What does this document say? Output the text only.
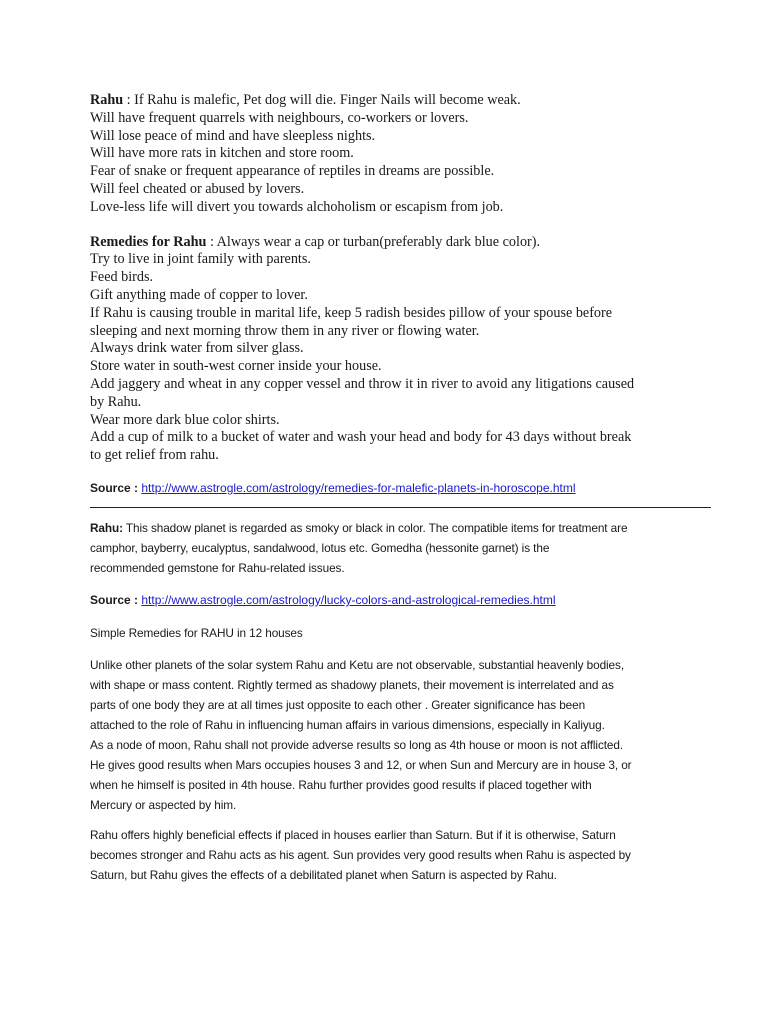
Rahu : If Rahu is malefic, Pet dog will die. Finger Nails will become weak.
Will have frequent quarrels with neighbours, co-workers or lovers.
Will lose peace of mind and have sleepless nights.
Will have more rats in kitchen and store room.
Fear of snake or frequent appearance of reptiles in dreams are possible.
Will feel cheated or abused by lovers.
Love-less life will divert you towards alchoholism or escapism from job.
Remedies for Rahu : Always wear a cap or turban(preferably dark blue color).
Try to live in joint family with parents.
Feed birds.
Gift anything made of copper to lover.
If Rahu is causing trouble in marital life, keep 5 radish besides pillow of your spouse before
sleeping and next morning throw them in any river or flowing water.
Always drink water from silver glass.
Store water in south-west corner inside your house.
Add jaggery and wheat in any copper vessel and throw it in river to avoid any litigations caused
by Rahu.
Wear more dark blue color shirts.
Add a cup of milk to a bucket of water and wash your head and body for 43 days without break
to get relief from rahu.
Source : http://www.astrogle.com/astrology/remedies-for-malefic-planets-in-horoscope.html
Rahu: This shadow planet is regarded as smoky or black in color. The compatible items for treatment are
camphor, bayberry, eucalyptus, sandalwood, lotus etc. Gomedha (hessonite garnet) is the
recommended gemstone for Rahu-related issues.
Source : http://www.astrogle.com/astrology/lucky-colors-and-astrological-remedies.html
Simple Remedies for RAHU in 12 houses
Unlike other planets of the solar system Rahu and Ketu are not observable, substantial heavenly bodies,
with shape or mass content. Rightly termed as shadowy planets, their movement is interrelated and as
parts of one body they are at all times just opposite to each other . Greater significance has been
attached to the role of Rahu in influencing human affairs in various dimensions, especially in Kaliyug.
As a node of moon, Rahu shall not provide adverse results so long as 4th house or moon is not afflicted.
He gives good results when Mars occupies houses 3 and 12, or when Sun and Mercury are in house 3, or
when he himself is posited in 4th house. Rahu further provides good results if placed together with
Mercury or aspected by him.
Rahu offers highly beneficial effects if placed in houses earlier than Saturn. But if it is otherwise, Saturn
becomes stronger and Rahu acts as his agent. Sun provides very good results when Rahu is aspected by
Saturn, but Rahu gives the effects of a debilitated planet when Saturn is aspected by Rahu.
